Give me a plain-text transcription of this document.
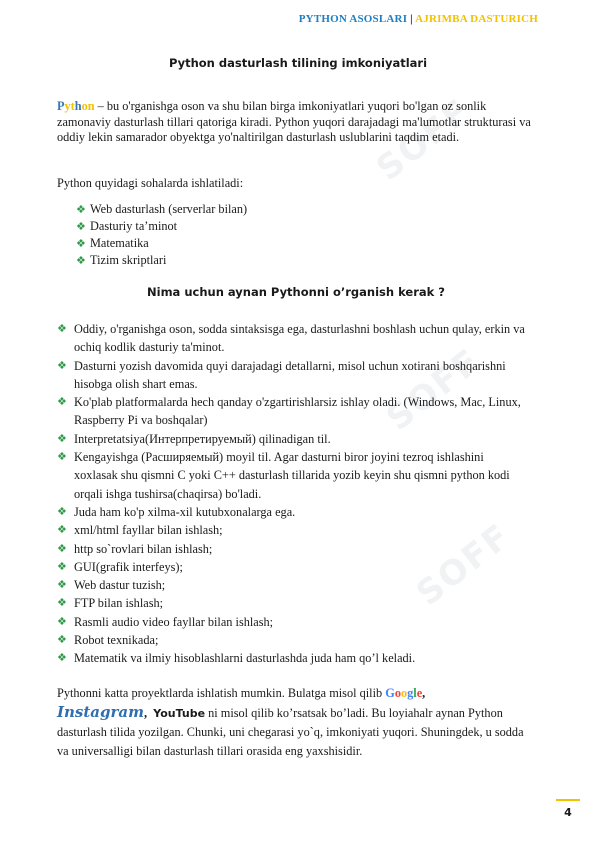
PYTHON ASOSLARI | AJRIMBA DASTURICH
SOFF
SOFF
SOFF
Python dasturlash tilining imkoniyatlari

Python – bu o'rganishga oson va shu bilan birga imkoniyatlari yuqori bo'lgan oz sonlik zamonaviy dasturlash tillari qatoriga kiradi. Python yuqori darajadagi ma'lumotlar strukturasi va oddiy lekin samarador obyektga yo'naltirilgan dasturlash uslublarini taqdim etadi.

Python quyidagi sohalarda ishlatiladi:

❖ Web dasturlash (serverlar bilan)
❖ Dasturiy ta’minot
❖ Matematika
❖ Tizim skriptlari
Nima uchun aynan Pythonni o’rganish kerak ?
❖ Oddiy, o'rganishga oson, sodda sintaksisga ega, dasturlashni boshlash uchun qulay, erkin va ochiq kodlik dasturiy ta'minot.
❖ Dasturni yozish davomida quyi darajadagi detallarni, misol uchun xotirani boshqarishni hisobga olish shart emas.
❖ Ko'plab platformalarda hech qanday o'zgartirishlarsiz ishlay oladi. (Windows, Mac, Linux, Raspberry Pi va boshqalar)
❖ Interpretatsiya(Интерпретируемый) qilinadigan til.
❖ Kengayishga (Расширяемый) moyil til. Agar dasturni biror joyini tezroq ishlashini xoxlasak shu qismni C yoki C++ dasturlash tillarida yozib keyin shu qismni python kodi orqali ishga tushirsa(chaqirsa) bo'ladi.
❖ Juda ham ko'p xilma-xil kutubxonalarga ega.
❖ xml/html fayllar bilan ishlash;
❖ http so`rovlari bilan ishlash;
❖ GUI(grafik interfeys);
❖ Web dastur tuzish;
❖ FTP bilan ishlash;
❖ Rasmli audio video fayllar bilan ishlash;
❖ Robot texnikada;
❖ Matematik va ilmiy hisoblashlarni dasturlashda juda ham qo’l keladi.

Pythonni katta proyektlarda ishlatish mumkin. Bulatga misol qilib Google,
Instagram, YouTube ni misol qilib ko’rsatsak bo’ladi. Bu loyiahalr aynan Python dasturlash tilida yozilgan. Chunki, uni chegarasi yo`q, imkoniyati yuqori. Shuningdek, u sodda va universalligi bilan dasturlash tillari orasida eng yaxshisidir.

4
